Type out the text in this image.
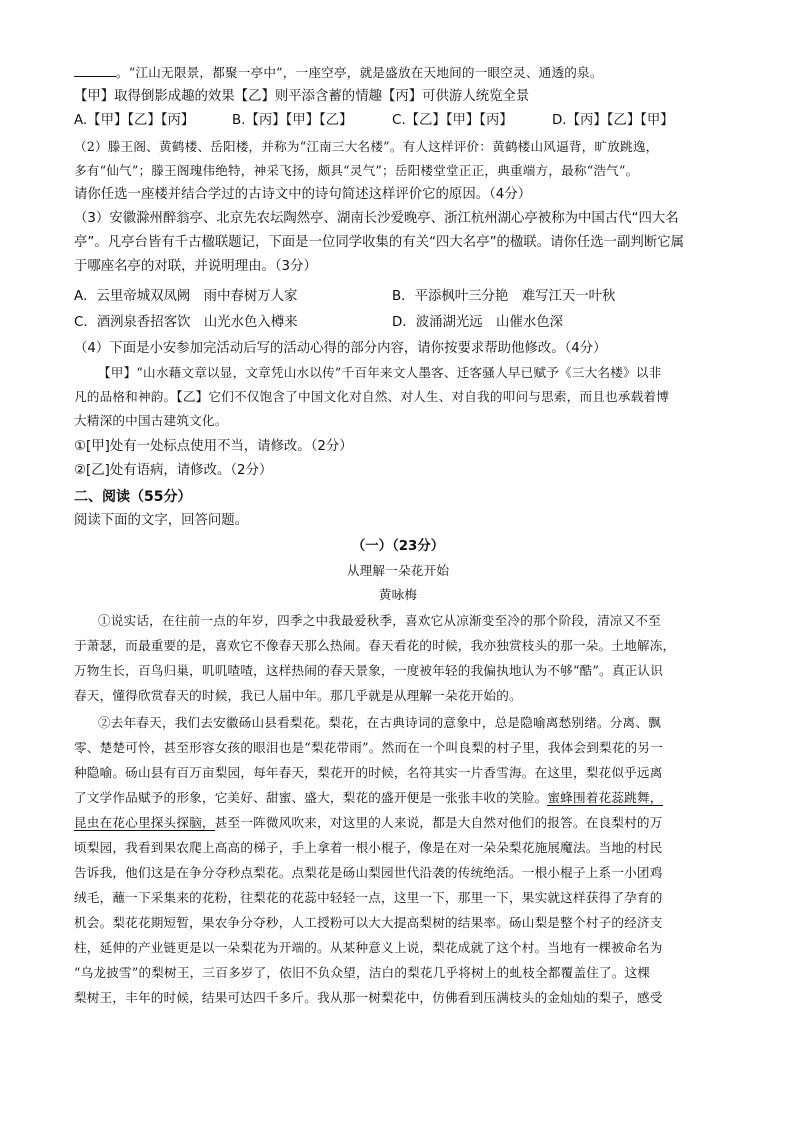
。“江山无限景，都聚一亭中”，一座空亭，就是盛放在天地间的一眼空灵、通透的泉。
【甲】取得倒影成趣的效果【乙】则平添含蓄的情趣【丙】可供游人统览全景
A.【甲】【乙】【丙】	B.【丙】【甲】【乙】	C.【乙】【甲】【丙】	D.【丙】【乙】【甲】
（2）滕王阁、黄鹤楼、岳阳楼，并称为“江南三大名楼”。有人这样评价：黄鹤楼山风逼背，旷放跳逸，
多有“仙气”；滕王阁瑰伟绝特，神采飞扬，颇具“灵气”；岳阳楼堂堂正正，典重端方，最称“浩气”。
请你任选一座楼并结合学过的古诗文中的诗句简述这样评价它的原因。（4分）
（3）安徽滁州醉翁亭、北京先农坛陶然亭、湖南长沙爱晚亭、浙江杭州湖心亭被称为中国古代“四大名
亭”。凡亭台皆有千古楹联题记，下面是一位同学收集的有关“四大名亭”的楹联。请你任选一副判断它属
于哪座名亭的对联，并说明理由。（3分）
A．云里帝城双凤阙　雨中春树万人家	B．平添枫叶三分艳　难写江天一叶秋
C．酒洌泉香招客饮　山光水色入樽来	D．波涌湖光远　山催水色深
（4）下面是小安参加完活动后写的活动心得的部分内容，请你按要求帮助他修改。（4分）
【甲】“山水藉文章以显，文章凭山水以传”千百年来文人墨客、迁客骚人早已赋予《三大名楼》以非
凡的品格和神韵。【乙】它们不仅饱含了中国文化对自然、对人生、对自我的叩问与思索，而且也承载着博
大精深的中国古建筑文化。
①[甲]处有一处标点使用不当，请修改。（2分）
②[乙]处有语病，请修改。（2分）
二、阅读（55分）
阅读下面的文字，回答问题。
（一）（23分）
从理解一朵花开始
黄咏梅
①说实话，在往前一点的年岁，四季之中我最爱秋季，喜欢它从凉渐变至冷的那个阶段，清凉又不至
于萧瑟，而最重要的是，喜欢它不像春天那么热闹。春天看花的时候，我亦独赏枝头的那一朵。土地解冻，
万物生长，百鸟归巢，叽叽喳喳，这样热闹的春天景象，一度被年轻的我偏执地认为不够“酷”。真正认识
春天，懂得欣赏春天的时候，我已人届中年。那几乎就是从理解一朵花开始的。
②去年春天，我们去安徽砀山县看梨花。梨花，在古典诗词的意象中，总是隐喻离愁别绪。分离、飘
零、楚楚可怜，甚至形容女孩的眼泪也是“梨花带雨”。然而在一个叫良梨的村子里，我体会到梨花的另一
种隐喻。砀山县有百万亩梨园，每年春天，梨花开的时候，名符其实一片香雪海。在这里，梨花似乎远离
了文学作品赋予的形象，它美好、甜蜜、盛大，梨花的盛开便是一张张丰收的笑脸。蜜蜂围着花蕊跳舞，
昆虫在花心里探头探脑，甚至一阵微风吹来，对这里的人来说，都是大自然对他们的报答。在良梨村的万
顷梨园，我看到果农爬上高高的梯子，手上拿着一根小棍子，像是在对一朵朵梨花施展魔法。当地的村民
告诉我，他们这是在争分夺秒点梨花。点梨花是砀山梨园世代沿袭的传统绝活。一根小棍子上系一小团鸡
绒毛，蘸一下采集来的花粉，往梨花的花蕊中轻轻一点，这里一下，那里一下，果实就这样获得了孕育的
机会。梨花花期短暂，果农争分夺秒，人工授粉可以大大提高梨树的结果率。砀山梨是整个村子的经济支
柱，延伸的产业链更是以一朵梨花为开端的。从某种意义上说，梨花成就了这个村。当地有一棵被命名为
“乌龙披雪”的梨树王，三百多岁了，依旧不负众望，洁白的梨花几乎将树上的虬枝全都覆盖住了。这棵
梨树王，丰年的时候，结果可达四千多斤。我从那一树梨花中，仿佛看到压满枝头的金灿灿的梨子，感受
